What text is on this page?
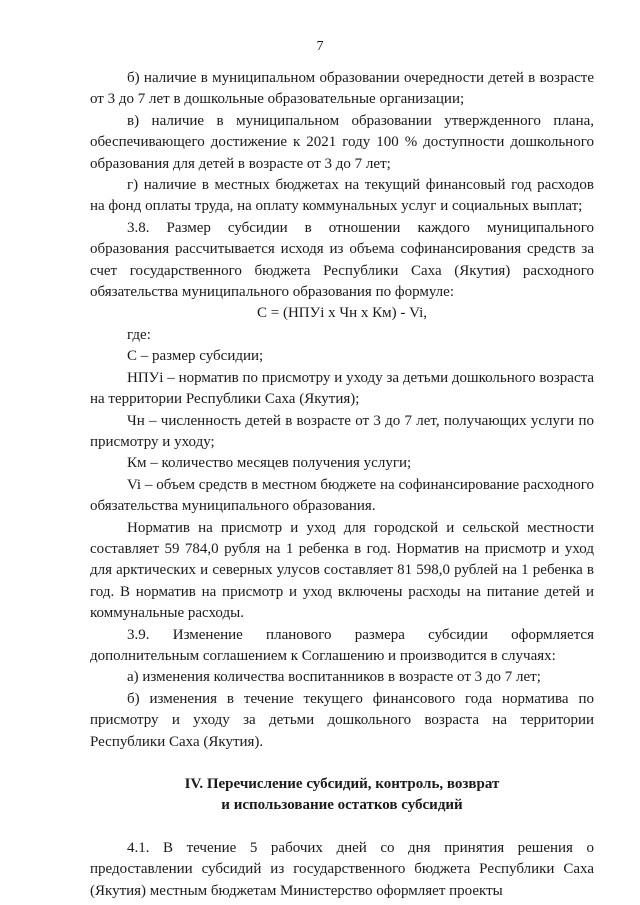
7

б) наличие в муниципальном образовании очередности детей в возрасте от 3 до 7 лет в дошкольные образовательные организации;

в) наличие в муниципальном образовании утвержденного плана, обеспечивающего достижение к 2021 году 100 % доступности дошкольного образования для детей в возрасте от 3 до 7 лет;

г) наличие в местных бюджетах на текущий финансовый год расходов на фонд оплаты труда, на оплату коммунальных услуг и социальных выплат;

3.8. Размер субсидии в отношении каждого муниципального образования рассчитывается исходя из объема софинансирования средств за счет государственного бюджета Республики Саха (Якутия) расходного обязательства муниципального образования по формуле:

С = (НПУi х Чн х Км) - Vi,

где:

С – размер субсидии;

НПУi – норматив по присмотру и уходу за детьми дошкольного возраста на территории Республики Саха (Якутия);

Чн – численность детей в возрасте от 3 до 7 лет, получающих услуги по присмотру и уходу;

Км – количество месяцев получения услуги;

Vi – объем средств в местном бюджете на софинансирование расходного обязательства муниципального образования.

Норматив на присмотр и уход для городской и сельской местности составляет 59 784,0 рубля на 1 ребенка в год. Норматив на присмотр и уход для арктических и северных улусов составляет 81 598,0 рублей на 1 ребенка в год. В норматив на присмотр и уход включены расходы на питание детей и коммунальные расходы.

3.9. Изменение планового размера субсидии оформляется дополнительным соглашением к Соглашению и производится в случаях:

а) изменения количества воспитанников в возрасте от 3 до 7 лет;

б) изменения в течение текущего финансового года норматива по присмотру и уходу за детьми дошкольного возраста на территории Республики Саха (Якутия).

IV. Перечисление субсидий, контроль, возврат
и использование остатков субсидий

4.1. В течение 5 рабочих дней со дня принятия решения о предоставлении субсидий из государственного бюджета Республики Саха (Якутия) местным бюджетам Министерство оформляет проекты
